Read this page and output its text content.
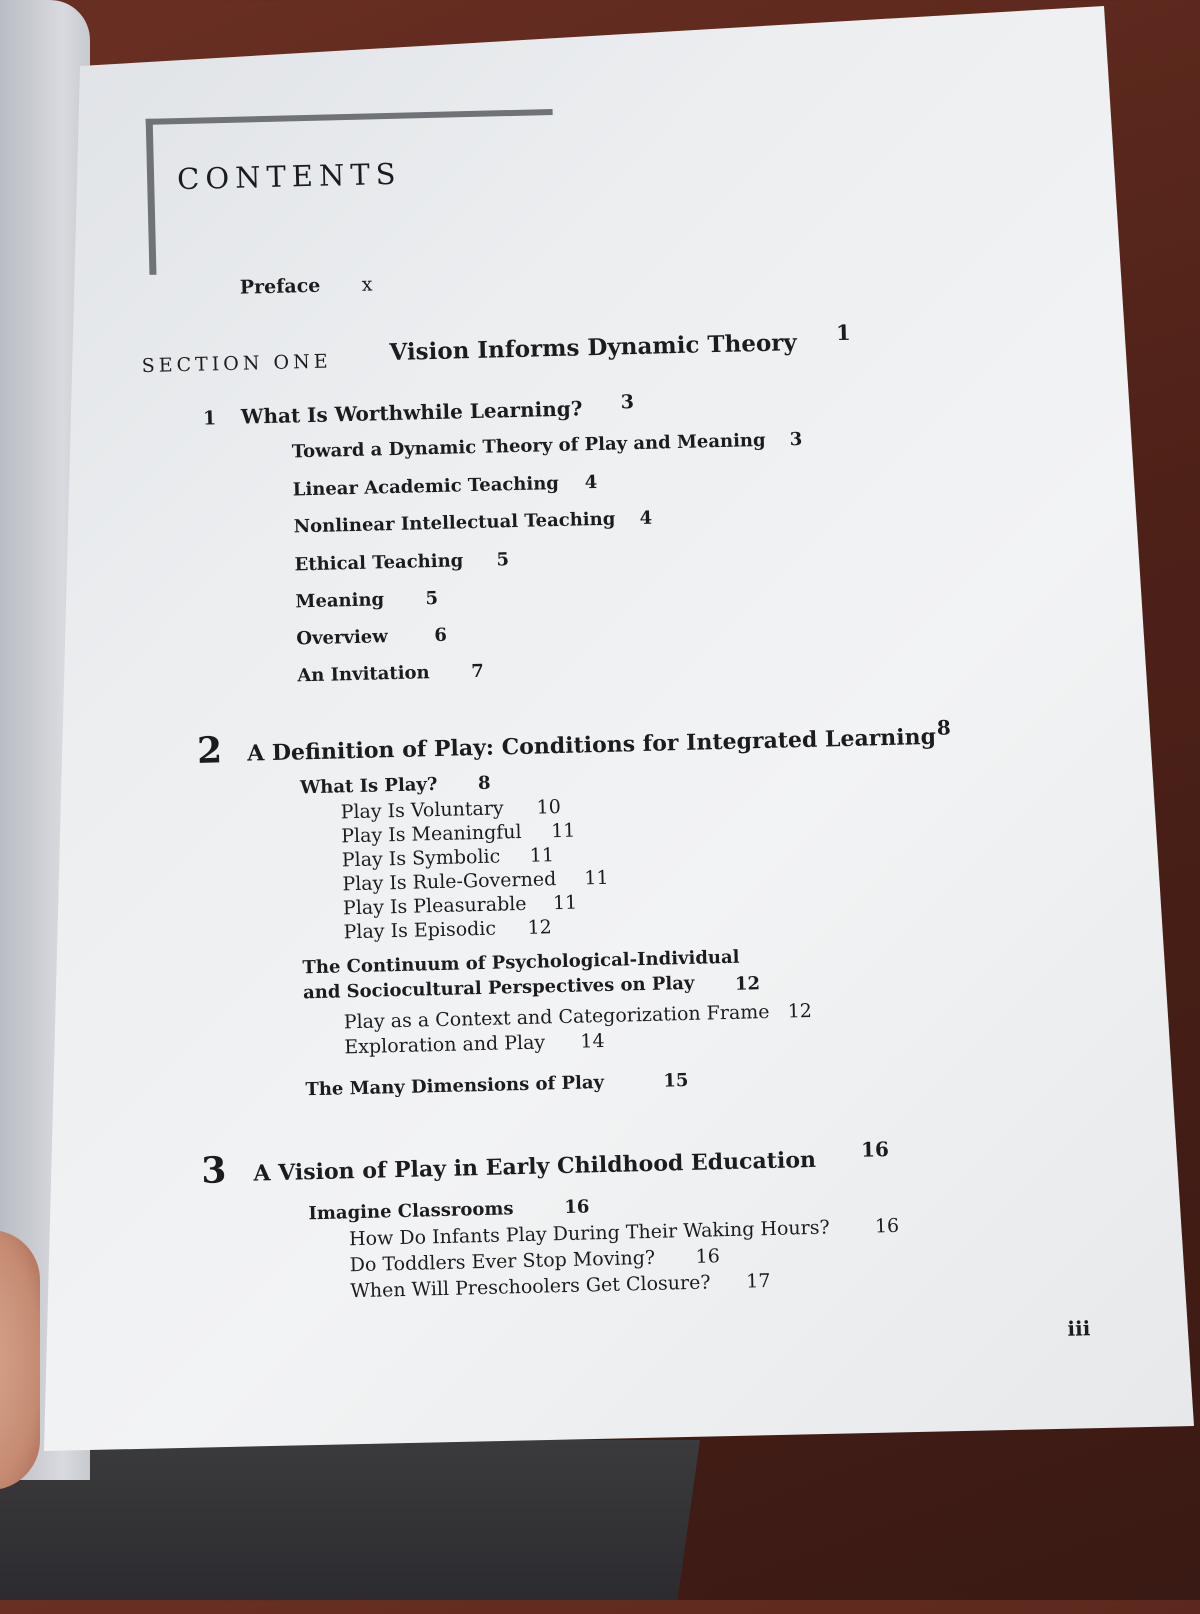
CONTENTS
Preface x
SECTION ONE Vision Informs Dynamic Theory 1
1 What Is Worthwhile Learning? 3
Toward a Dynamic Theory of Play and Meaning 3
Linear Academic Teaching 4
Nonlinear Intellectual Teaching 4
Ethical Teaching 5
Meaning 5
Overview	6
An Invitation 7
2 A Definition of Play: Conditions for Integrated Learning 8
What Is Play? 8
Play Is Voluntary 10
Play Is Meaningful 11
Play Is Symbolic 11
Play Is Rule-Governed 11
Play Is Pleasurable 11
Play Is Episodic 12
The Continuum of Psychological-Individual
and Sociocultural Perspectives on Play 12
Play as a Context and Categorization Frame 12
Exploration and Play 14
The Many Dimensions of Play	15
3 A Vision of Play in Early Childhood Education 16
Imagine Classrooms	16
How Do Infants Play During Their Waking Hours? 16
Do Toddlers Ever Stop Moving? 16
When Will Preschoolers Get Closure? 17
iii
